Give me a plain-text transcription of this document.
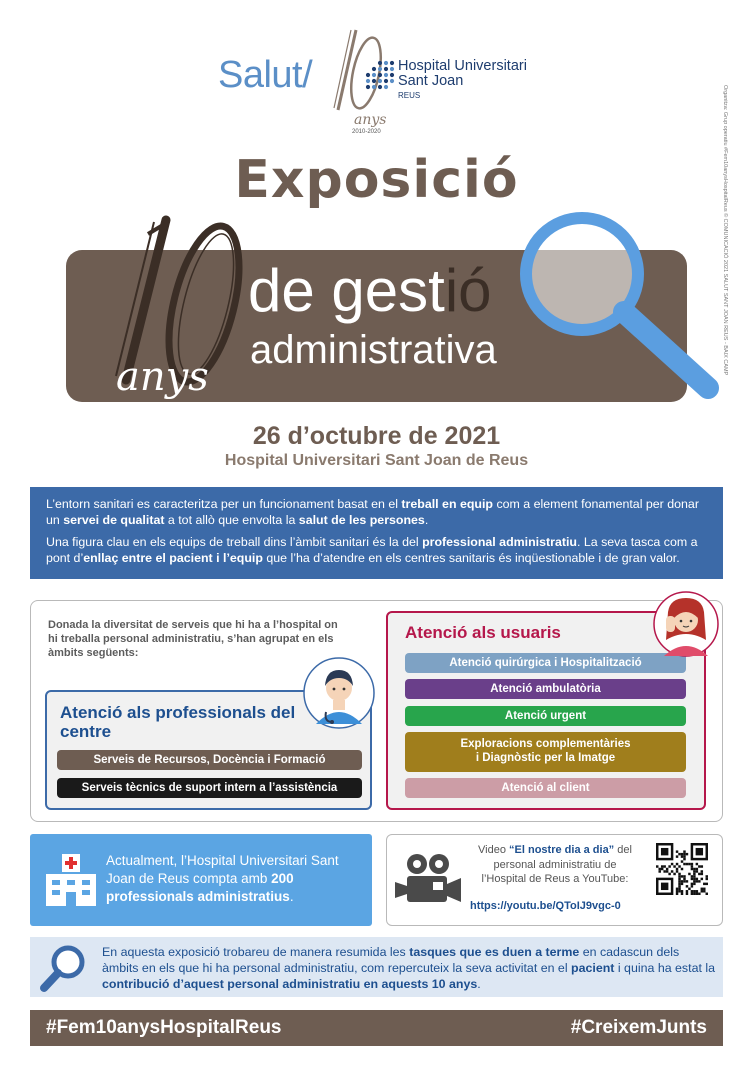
Salut/
anys
2010-2020
Hospital Universitari
Sant Joan
REUS	Organitza: Grup operatiu #Fem10anysHospitalReus © COMUNICACIÓ 2021 SALUT SANT JOAN REUS - BAIX CAMP
Exposició
anys
de gestió
administrativa
26 d’octubre de 2021
Hospital Universitari Sant Joan de Reus

L’entorn sanitari es caracteritza per un funcionament basat en el treball en equip com a element fonamental per donar un servei de qualitat a tot allò que envolta la salut de les persones.

Una figura clau en els equips de treball dins l’àmbit sanitari és la del professional administratiu. La seva tasca com a pont d’enllaç entre el pacient i l’equip que l’ha d’atendre en els centres sanitaris és inqüestionable i de gran valor.

Donada la diversitat de serveis que hi ha a l’hospital on hi treballa personal administratiu, s’han agrupat en els àmbits següents:
Atenció als professionals del centre
Serveis de Recursos, Docència i Formació
Serveis tècnics de suport intern a l’assistència
Atenció als usuaris
Atenció quirúrgica i Hospitalització
Atenció ambulatòria
Atenció urgent
Exploracions complementàries
i Diagnòstic per la Imatge
Atenció al client
Actualment, l’Hospital Universitari Sant Joan de Reus compta amb 200 professionals administratius.
Video “El nostre dia a dia” del personal administratiu de l’Hospital de Reus a YouTube:
https://youtu.be/QToIJ9vgc-0
En aquesta exposició trobareu de manera resumida les tasques que es duen a terme en cadascun dels àmbits en els que hi ha personal administratiu, com repercuteix la seva activitat en el pacient i quina ha estat la contribució d’aquest personal administratiu en aquests 10 anys.
#Fem10anysHospitalReus	#CreixemJunts
